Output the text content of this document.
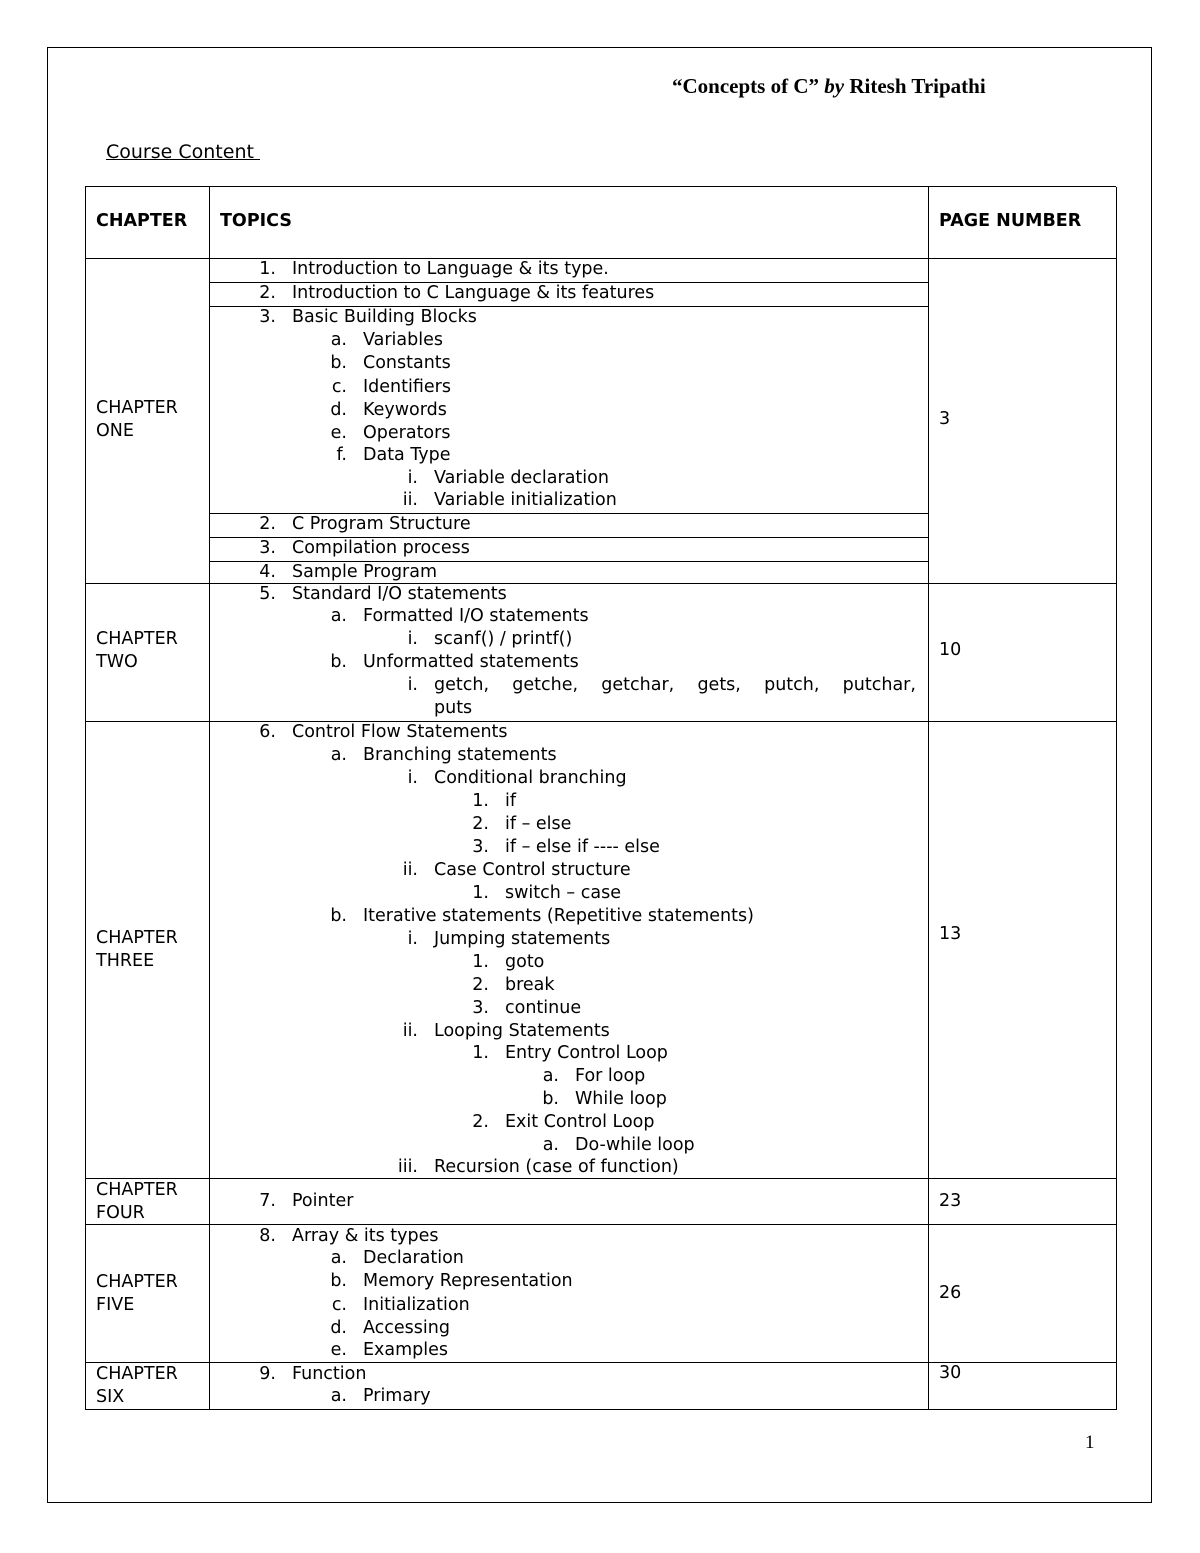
“Concepts of C” by Ritesh Tripathi
Course Content
CHAPTER TOPICS	PAGE NUMBER
CHAPTER
ONE
1. Introduction to Language & its type.
2. Introduction to C Language & its features
3. Basic Building Blocks
a. Variables
b. Constants
c. Identifiers
d. Keywords
e. Operators
f. Data Type
i. Variable declaration
ii. Variable initialization
2. C Program Structure
3. Compilation process
4. Sample Program
3
CHAPTER
TWO
5. Standard I/O statements
a. Formatted I/O statements
i. scanf() / printf()
b. Unformatted statements
i. getch, getche, getchar, gets, putch, putchar,
puts
10
CHAPTER
THREE
6. Control Flow Statements
a. Branching statements
i. Conditional branching
1. if
2. if – else
3. if – else if ---- else
ii. Case Control structure
1. switch – case
b. Iterative statements (Repetitive statements)
i. Jumping statements
1. goto
2. break
3. continue
ii. Looping Statements
1. Entry Control Loop
a. For loop
b. While loop
2. Exit Control Loop
a. Do-while loop
iii. Recursion (case of function)
13
CHAPTER
FOUR
7. Pointer	23
CHAPTER
FIVE
8. Array & its types
a. Declaration
b. Memory Representation
c. Initialization
d. Accessing
e. Examples
26
CHAPTER
SIX
9. Function
a. Primary
30
1
